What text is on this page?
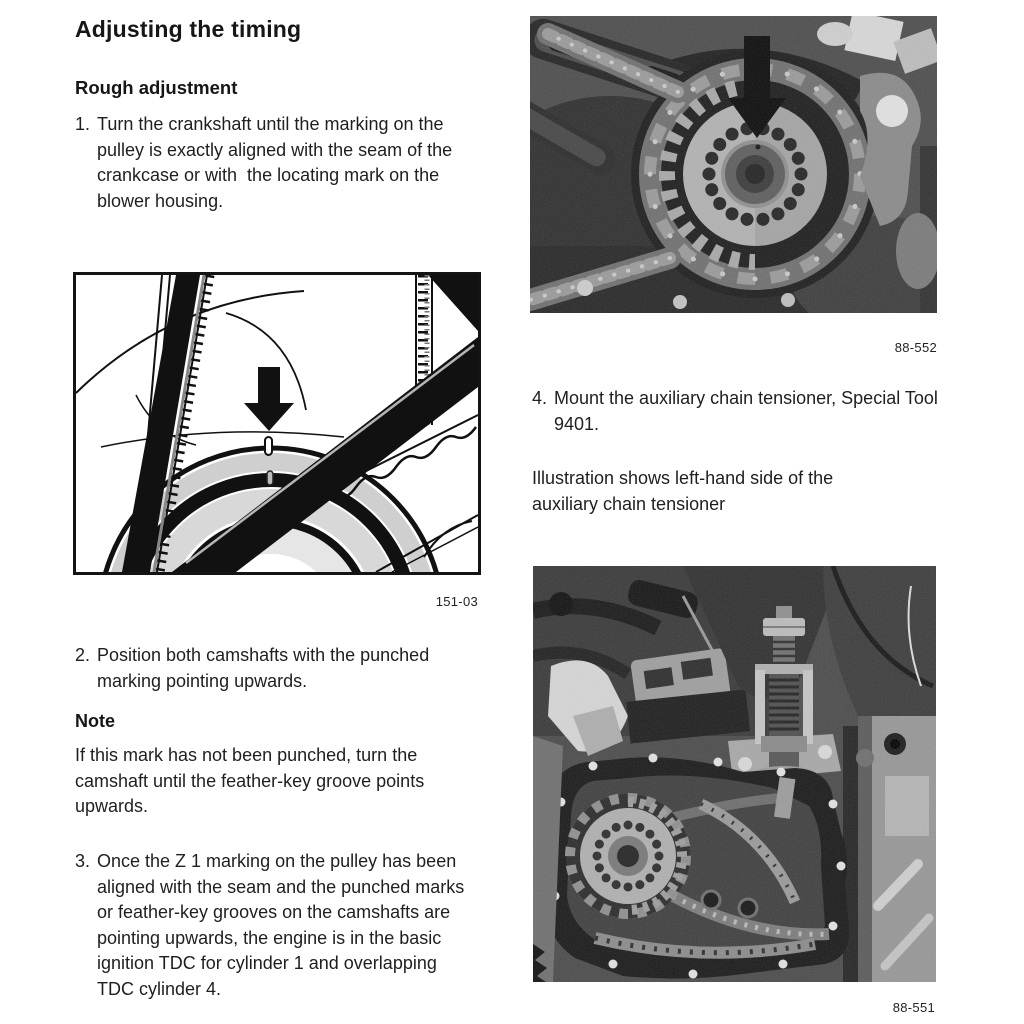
Adjusting the timing
Rough adjustment
1. Turn the crankshaft until the marking on the pulley is exactly aligned with the seam of the crankcase or with  the locating mark on the blower housing.
151-03
2. Position both camshafts with the punched marking pointing upwards.
Note
If this mark has not been punched, turn the camshaft until the feather-key groove points upwards.
3. Once the Z 1 marking on the pulley has been aligned with the seam and the punched marks or feather-key grooves on the camshafts are pointing upwards, the engine is in the basic ignition TDC for cylinder 1 and overlapping TDC cylinder 4.
88-552
4. Mount the auxiliary chain tensioner, Special Tool 9401.
Illustration shows left-hand side of the auxiliary chain tensioner
88-551
